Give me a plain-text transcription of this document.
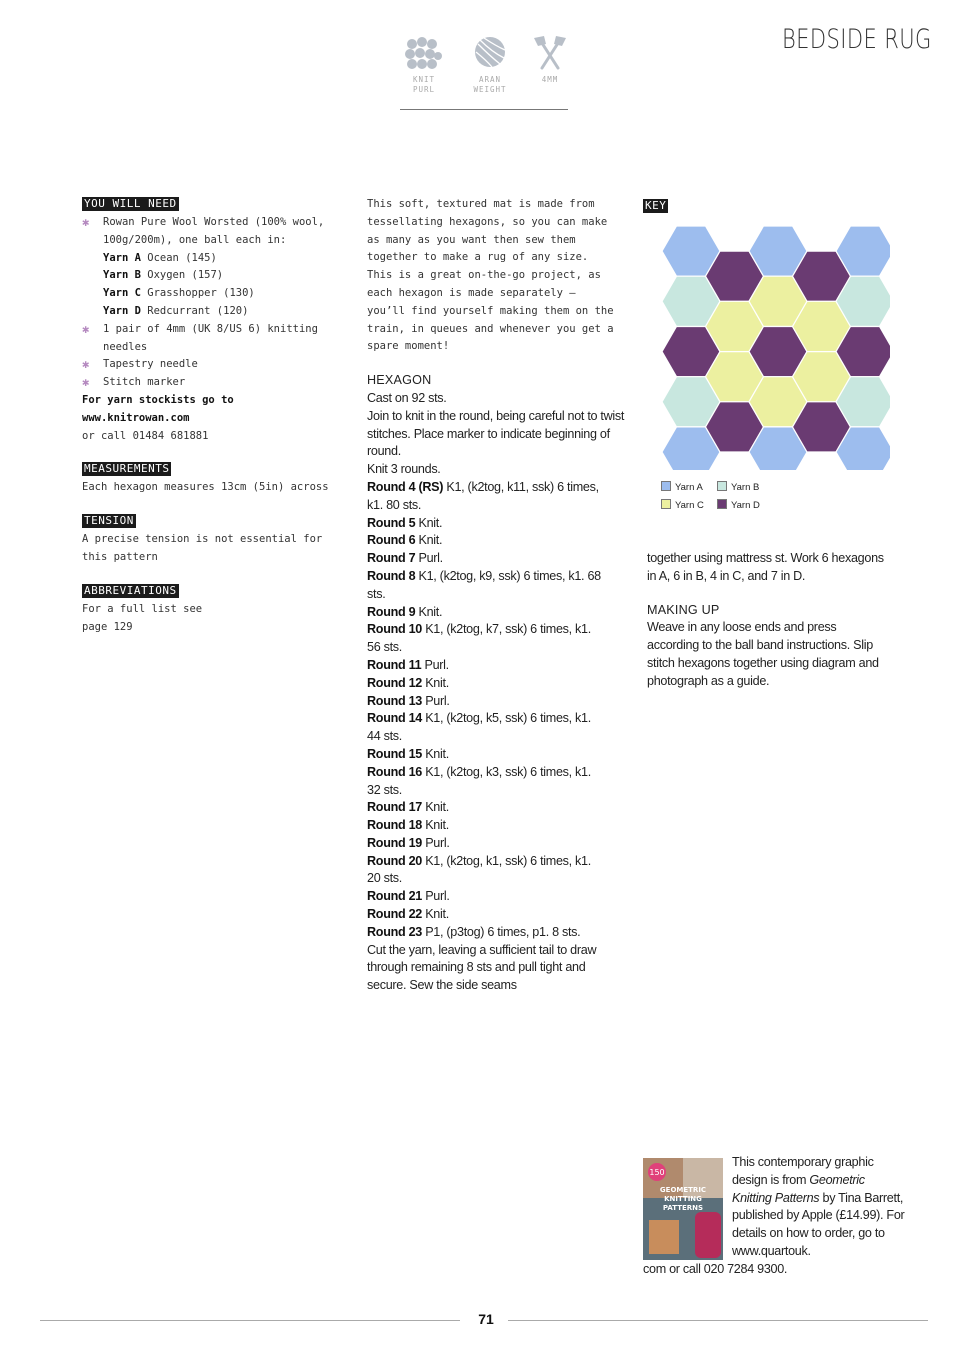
BEDSIDE RUG
KNIT
PURL
ARAN
WEIGHT
4MM
YOU WILL NEED
✱ Rowan Pure Wool Worsted (100% wool, 100g/200m), one ball each in:
Yarn A Ocean (145)
Yarn B Oxygen (157)
Yarn C Grasshopper (130)
Yarn D Redcurrant (120)
✱ 1 pair of 4mm (UK 8/US 6) knitting needles
✱ Tapestry needle
✱ Stitch marker
For yarn stockists go to www.knitrowan.com
or call 01484 681881
MEASUREMENTS
Each hexagon measures 13cm (5in) across
TENSION
A precise tension is not essential for this pattern
ABBREVIATIONS
For a full list see page 129
This soft, textured mat is made from tessellating hexagons, so you can make as many as you want then sew them together to make a rug of any size. This is a great on-the-go project, as each hexagon is made separately – you’ll find yourself making them on the train, in queues and whenever you get a spare moment!
HEXAGON
Cast on 92 sts.
Join to knit in the round, being careful not to twist stitches. Place marker to indicate beginning of round.
Knit 3 rounds.
Round 4 (RS) K1, (k2tog, k11, ssk) 6 times, k1. 80 sts.
Round 5 Knit.
Round 6 Knit.
Round 7 Purl.
Round 8 K1, (k2tog, k9, ssk) 6 times, k1. 68 sts.
Round 9 Knit.
Round 10 K1, (k2tog, k7, ssk) 6 times, k1. 56 sts.
Round 11 Purl.
Round 12 Knit.
Round 13 Purl.
Round 14 K1, (k2tog, k5, ssk) 6 times, k1. 44 sts.
Round 15 Knit.
Round 16 K1, (k2tog, k3, ssk) 6 times, k1. 32 sts.
Round 17 Knit.
Round 18 Knit.
Round 19 Purl.
Round 20 K1, (k2tog, k1, ssk) 6 times, k1. 20 sts.
Round 21 Purl.
Round 22 Knit.
Round 23 P1, (p3tog) 6 times, p1. 8 sts.
Cut the yarn, leaving a sufficient tail to draw through remaining 8 sts and pull tight and secure. Sew the side seams
KEY
Yarn A	Yarn B
Yarn C	Yarn D
together using mattress st. Work 6 hexagons in A, 6 in B, 4 in C, and 7 in D.
MAKING UP
Weave in any loose ends and press according to the ball band instructions. Slip stitch hexagons together using diagram and photograph as a guide.
150
GEOMETRIC
KNITTING
PATTERNS
This contemporary graphic design is from Geometric Knitting Patterns by Tina Barrett, published by Apple (£14.99). For details on how to order, go to www.quartouk.
com or call 020 7284 9300.
71
